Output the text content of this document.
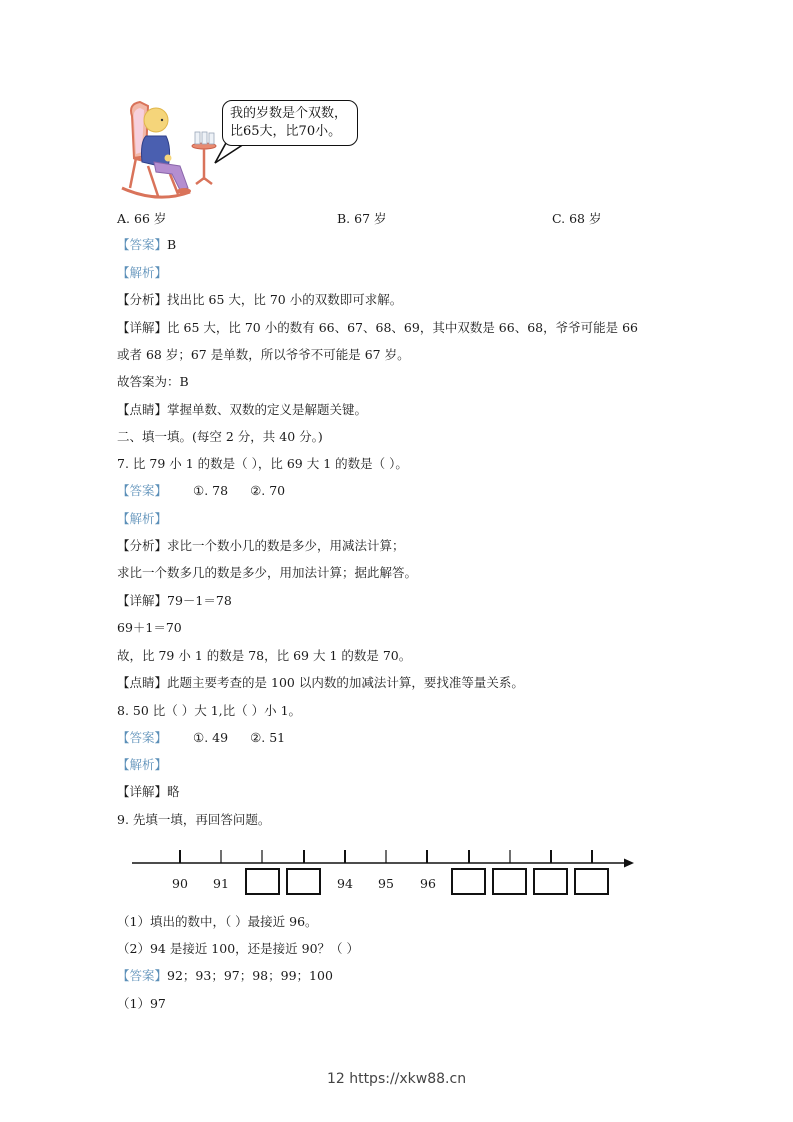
我的岁数是个双数，
比65大，比70小。
A. 66 岁	B. 67 岁	C. 68 岁
【答案】B
【解析】
【分析】找出比 65 大，比 70 小的双数即可求解。
【详解】比 65 大，比 70 小的数有 66、67、68、69，其中双数是 66、68，爷爷可能是 66
或者 68 岁；67 是单数，所以爷爷不可能是 67 岁。
故答案为：B
【点睛】掌握单数、双数的定义是解题关键。
二、填一填。(每空 2 分，共 40 分。)
7. 比 79 小 1 的数是（ ），比 69 大 1 的数是（ ）。
【答案】 ①. 78 ②. 70
【解析】
【分析】求比一个数小几的数是多少，用减法计算；
求比一个数多几的数是多少，用加法计算；据此解答。
【详解】79－1＝78
69＋1＝70
故，比 79 小 1 的数是 78，比 69 大 1 的数是 70。
【点睛】此题主要考查的是 100 以内数的加减法计算，要找准等量关系。
8. 50 比（ ）大 1,比（ ）小 1。
【答案】 ①. 49 ②. 51
【解析】
【详解】略
9. 先填一填，再回答问题。
90 91	94 95 96
（1）填出的数中，（ ）最接近 96。
（2）94 是接近 100，还是接近 90？（ ）
【答案】92；93；97；98；99；100
（1）97
12 https://xkw88.cn
